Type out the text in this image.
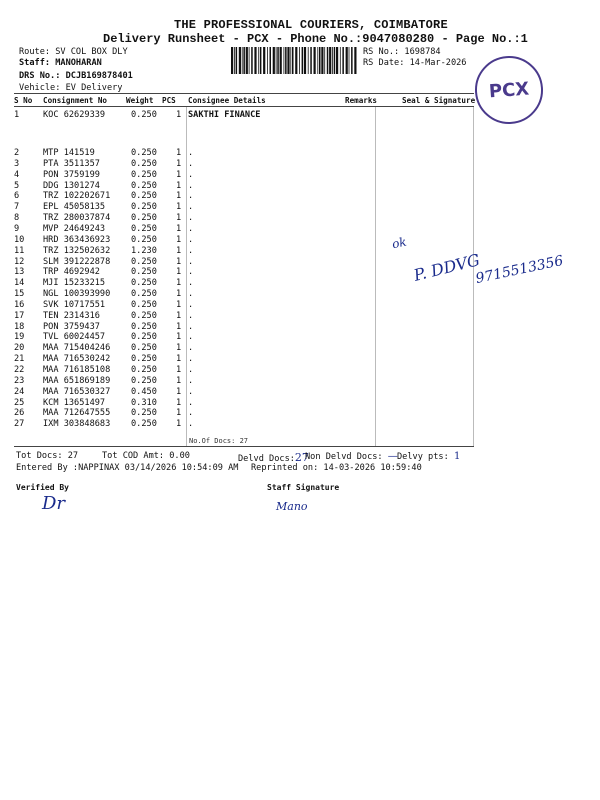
THE PROFESSIONAL COURIERS, COIMBATORE
Delivery Runsheet - PCX - Phone No.:9047080280 - Page No.:1
Route: SV COL BOX DLY
Staff: MANOHARAN
DRS No.: DCJB169878401
Vehicle: EV Delivery
RS No.: 1698784
RS Date: 14-Mar-2026
PCX
S No Consignment No Weight PCS Consignee Details	Remarks	Seal & Signature
1	KOC 62629339	0.250 1 SAKTHI FINANCE
2	MTP 141519	0.250 1 .
3	PTA 3511357	0.250 1 .
4	PON 3759199	0.250 1 .
5	DDG 1301274	0.250 1 .
6	TRZ 102202671 0.250 1 .
7	EPL 45058135	0.250 1 .
8	TRZ 280037874 0.250 1 .
9	MVP 24649243	0.250 1 .
10 HRD 363436923 0.250 1 .
11 TRZ 132502632 1.230 1 .
12 SLM 391222878 0.250 1 .
13 TRP 4692942	0.250 1 .
14 MJI 15233215	0.250 1 .
15 NGL 100393990 0.250 1 .
16 SVK 10717551	0.250 1 .
17 TEN 2314316	0.250 1 .
18 PON 3759437	0.250 1 .
19 TVL 60024457	0.250 1 .
20 MAA 715404246 0.250 1 .
21 MAA 716530242 0.250 1 .
22 MAA 716185108 0.250 1 .
23 MAA 651869189 0.250 1 .
24 MAA 716530327 0.450 1 .
25 KCM 13651497	0.310 1 .
26 MAA 712647555 0.250 1 .
27 IXM 303848683 0.250 1 .
No.Of Docs: 27
ok
P. DDVG
9715513356
Tot Docs: 27	Tot COD Amt: 0.00	Delvd Docs:27
Non Delvd Docs: — Delvy pts: 1
Entered By :NAPPINAX 03/14/2026 10:54:09 AM Reprinted on: 14-03-2026 10:59:40
Verified By	Staff Signature
Dr	Mano
